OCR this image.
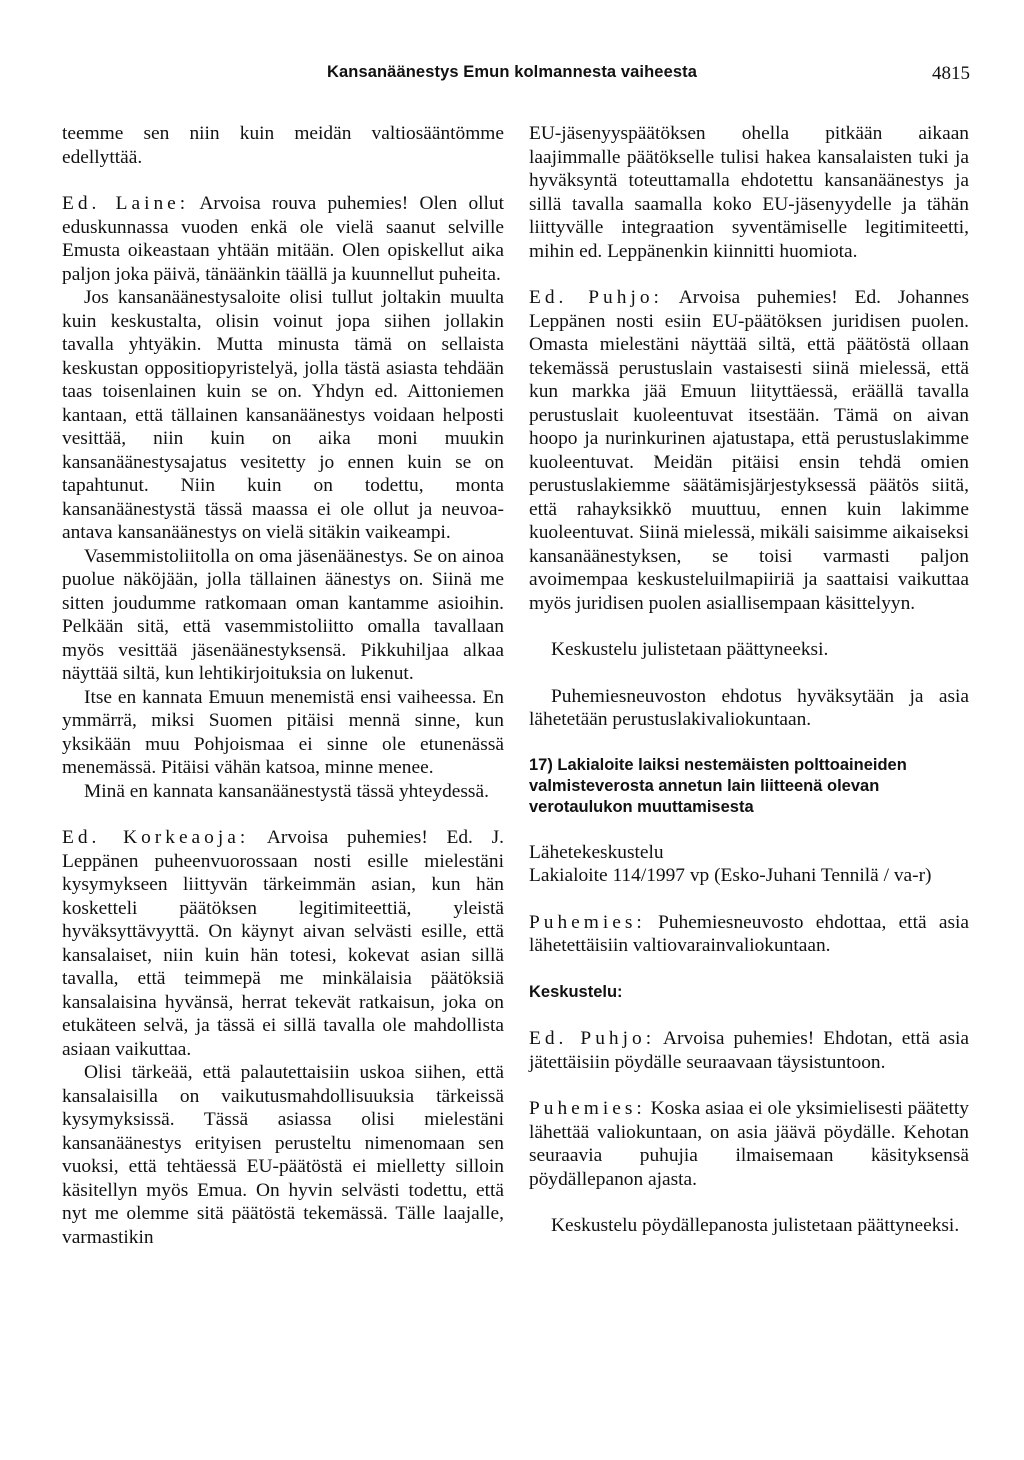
Kansanäänestys Emun kolmannesta vaiheesta	4815

teemme sen niin kuin meidän valtiosääntömme edellyttää.

Ed. Laine: Arvoisa rouva puhemies! Olen ollut eduskunnassa vuoden enkä ole vielä saanut selville Emusta oikeastaan yhtään mitään. Olen opiskellut aika paljon joka päivä, tänäänkin täällä ja kuunnellut puheita.

Jos kansanäänestysaloite olisi tullut joltakin muulta kuin keskustalta, olisin voinut jopa siihen jollakin tavalla yhtyäkin. Mutta minusta tämä on sellaista keskustan oppositiopyristelyä, jolla tästä asiasta tehdään taas toisenlainen kuin se on. Yhdyn ed. Aittoniemen kantaan, että tällainen kansanäänestys voidaan helposti vesittää, niin kuin on aika moni muukin kansanäänestysajatus vesitetty jo ennen kuin se on tapahtunut. Niin kuin on todettu, monta kansanäänestystä tässä maassa ei ole ollut ja neuvoa-antava kansanäänestys on vielä sitäkin vaikeampi.

Vasemmistoliitolla on oma jäsenäänestys. Se on ainoa puolue näköjään, jolla tällainen äänestys on. Siinä me sitten joudumme ratkomaan oman kantamme asioihin. Pelkään sitä, että vasemmistoliitto omalla tavallaan myös vesittää jäsenäänestyksensä. Pikkuhiljaa alkaa näyttää siltä, kun lehtikirjoituksia on lukenut.

Itse en kannata Emuun menemistä ensi vaiheessa. En ymmärrä, miksi Suomen pitäisi mennä sinne, kun yksikään muu Pohjoismaa ei sinne ole etunenässä menemässä. Pitäisi vähän katsoa, minne menee.

Minä en kannata kansanäänestystä tässä yhteydessä.

Ed. Korkeaoja: Arvoisa puhemies! Ed. J. Leppänen puheenvuorossaan nosti esille mielestäni kysymykseen liittyvän tärkeimmän asian, kun hän kosketteli päätöksen legitimiteettiä, yleistä hyväksyttävyyttä. On käynyt aivan selvästi esille, että kansalaiset, niin kuin hän totesi, kokevat asian sillä tavalla, että teimmepä me minkälaisia päätöksiä kansalaisina hyvänsä, herrat tekevät ratkaisun, joka on etukäteen selvä, ja tässä ei sillä tavalla ole mahdollista asiaan vaikuttaa.

Olisi tärkeää, että palautettaisiin uskoa siihen, että kansalaisilla on vaikutusmahdollisuuksia tärkeissä kysymyksissä. Tässä asiassa olisi mielestäni kansanäänestys erityisen perusteltu nimenomaan sen vuoksi, että tehtäessä EU-päätöstä ei mielletty silloin käsitellyn myös Emua. On hyvin selvästi todettu, että nyt me olemme sitä päätöstä tekemässä. Tälle laajalle, varmastikin

EU-jäsenyyspäätöksen ohella pitkään aikaan laajimmalle päätökselle tulisi hakea kansalaisten tuki ja hyväksyntä toteuttamalla ehdotettu kansanäänestys ja sillä tavalla saamalla koko EU-jäsenyydelle ja tähän liittyvälle integraation syventämiselle legitimiteetti, mihin ed. Leppänenkin kiinnitti huomiota.

Ed. Puhjo: Arvoisa puhemies! Ed. Johannes Leppänen nosti esiin EU-päätöksen juridisen puolen. Omasta mielestäni näyttää siltä, että päätöstä ollaan tekemässä perustuslain vastaisesti siinä mielessä, että kun markka jää Emuun liityttäessä, eräällä tavalla perustuslait kuoleentuvat itsestään. Tämä on aivan hoopo ja nurinkurinen ajatustapa, että perustuslakimme kuoleentuvat. Meidän pitäisi ensin tehdä omien perustuslakiemme säätämisjärjestyksessä päätös siitä, että rahayksikkö muuttuu, ennen kuin lakimme kuoleentuvat. Siinä mielessä, mikäli saisimme aikaiseksi kansanäänestyksen, se toisi varmasti paljon avoimempaa keskusteluilmapiiriä ja saattaisi vaikuttaa myös juridisen puolen asiallisempaan käsittelyyn.

Keskustelu julistetaan päättyneeksi.

Puhemiesneuvoston ehdotus hyväksytään ja asia lähetetään perustuslakivaliokuntaan.

17) Lakialoite laiksi nestemäisten polttoaineiden valmisteverosta annetun lain liitteenä olevan verotaulukon muuttamisesta

Lähetekeskustelu

Lakialoite 114/1997 vp (Esko-Juhani Tennilä / va-r)

Puhemies: Puhemiesneuvosto ehdottaa, että asia lähetettäisiin valtiovarainvaliokuntaan.

Keskustelu:

Ed. Puhjo: Arvoisa puhemies! Ehdotan, että asia jätettäisiin pöydälle seuraavaan täysistuntoon.

Puhemies: Koska asiaa ei ole yksimielisesti päätetty lähettää valiokuntaan, on asia jäävä pöydälle. Kehotan seuraavia puhujia ilmaisemaan käsityksensä pöydällepanon ajasta.

Keskustelu pöydällepanosta julistetaan päättyneeksi.
